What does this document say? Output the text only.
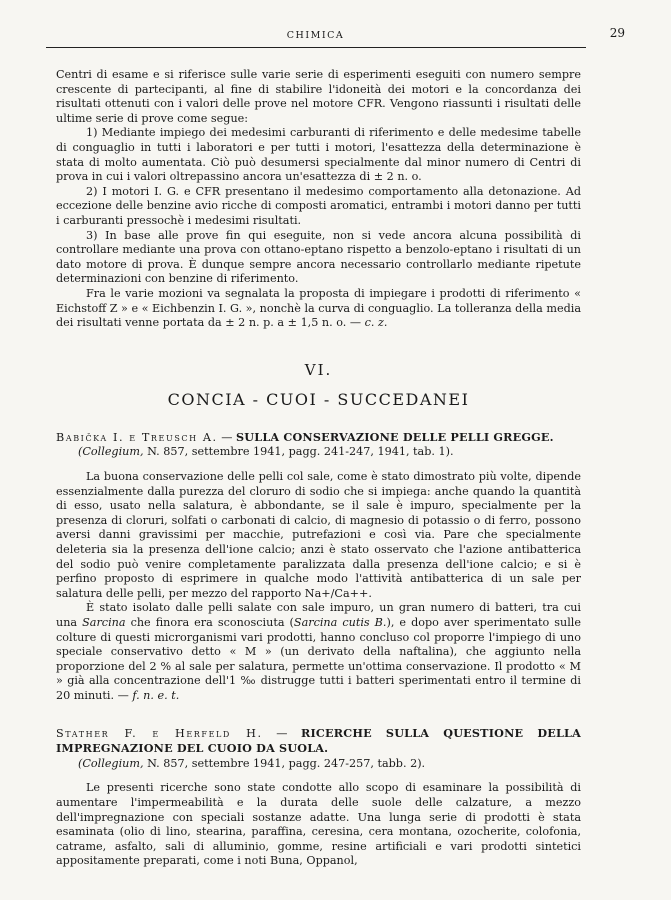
CHIMICA	29

Centri di esame e si riferisce sulle varie serie di esperimenti eseguiti con numero sempre crescente di partecipanti, al fine di stabilire l'idoneità dei motori e la concordanza dei risultati ottenuti con i valori delle prove nel motore CFR. Vengono riassunti i risultati delle ultime serie di prove come segue:

1) Mediante impiego dei medesimi carburanti di riferimento e delle medesime tabelle di conguaglio in tutti i laboratori e per tutti i motori, l'esattezza della determinazione è stata di molto aumentata. Ciò può desumersi specialmente dal minor numero di Centri di prova in cui i valori oltrepassino ancora un'esattezza di ± 2 n. o.

2) I motori I. G. e CFR presentano il medesimo comportamento alla detonazione. Ad eccezione delle benzine avio ricche di composti aromatici, entrambi i motori danno per tutti i carburanti pressochè i medesimi risultati.

3) In base alle prove fin qui eseguite, non si vede ancora alcuna possibilità di controllare mediante una prova con ottano-eptano rispetto a benzolo-eptano i risultati di un dato motore di prova. È dunque sempre ancora necessario controllarlo mediante ripetute determinazioni con benzine di riferimento.

Fra le varie mozioni va segnalata la proposta di impiegare i prodotti di riferimento « Eichstoff Z » e « Eichbenzin I. G. », nonchè la curva di conguaglio. La tolleranza della media dei risultati venne portata da ± 2 n. p. a ± 1,5 n. o. — c. z.

VI.
CONCIA - CUOI - SUCCEDANEI
Babička I. e Treusch A. — SULLA CONSERVAZIONE DELLE PELLI GREGGE.
(Collegium, N. 857, settembre 1941, pagg. 241-247, 1941, tab. 1).

La buona conservazione delle pelli col sale, come è stato dimostrato più volte, dipende essenzialmente dalla purezza del cloruro di sodio che si impiega: anche quando la quantità di esso, usato nella salatura, è abbondante, se il sale è impuro, specialmente per la presenza di cloruri, solfati o carbonati di calcio, di magnesio di potassio o di ferro, possono aversi danni gravissimi per macchie, putrefazioni e così via. Pare che specialmente deleteria sia la presenza dell'ione calcio; anzi è stato osservato che l'azione antibatterica del sodio può venire completamente paralizzata dalla presenza dell'ione calcio; e si è perfino proposto di esprimere in qualche modo l'attività antibatterica di un sale per salatura delle pelli, per mezzo del rapporto Na+/Ca++.

È stato isolato dalle pelli salate con sale impuro, un gran numero di batteri, tra cui una Sarcina che finora era sconosciuta (Sarcina cutis B.), e dopo aver sperimentato sulle colture di questi microrganismi vari prodotti, hanno concluso col proporre l'impiego di uno speciale conservativo detto « M » (un derivato della naftalina), che aggiunto nella proporzione del 2 % al sale per salatura, permette un'ottima conservazione. Il prodotto « M » già alla concentrazione dell'1 ‰ distrugge tutti i batteri sperimentati entro il termine di 20 minuti. — f. n. e. t.

Stather F. e Herfeld H. — RICERCHE SULLA QUESTIONE DELLA IMPREGNAZIONE DEL CUOIO DA SUOLA.
(Collegium, N. 857, settembre 1941, pagg. 247-257, tabb. 2).

Le presenti ricerche sono state condotte allo scopo di esaminare la possibilità di aumentare l'impermeabilità e la durata delle suole delle calzature, a mezzo dell'impregnazione con speciali sostanze adatte. Una lunga serie di prodotti è stata esaminata (olio di lino, stearina, paraffina, ceresina, cera montana, ozocherite, colofonia, catrame, asfalto, sali di alluminio, gomme, resine artificiali e vari prodotti sintetici appositamente preparati, come i noti Buna, Oppanol,
